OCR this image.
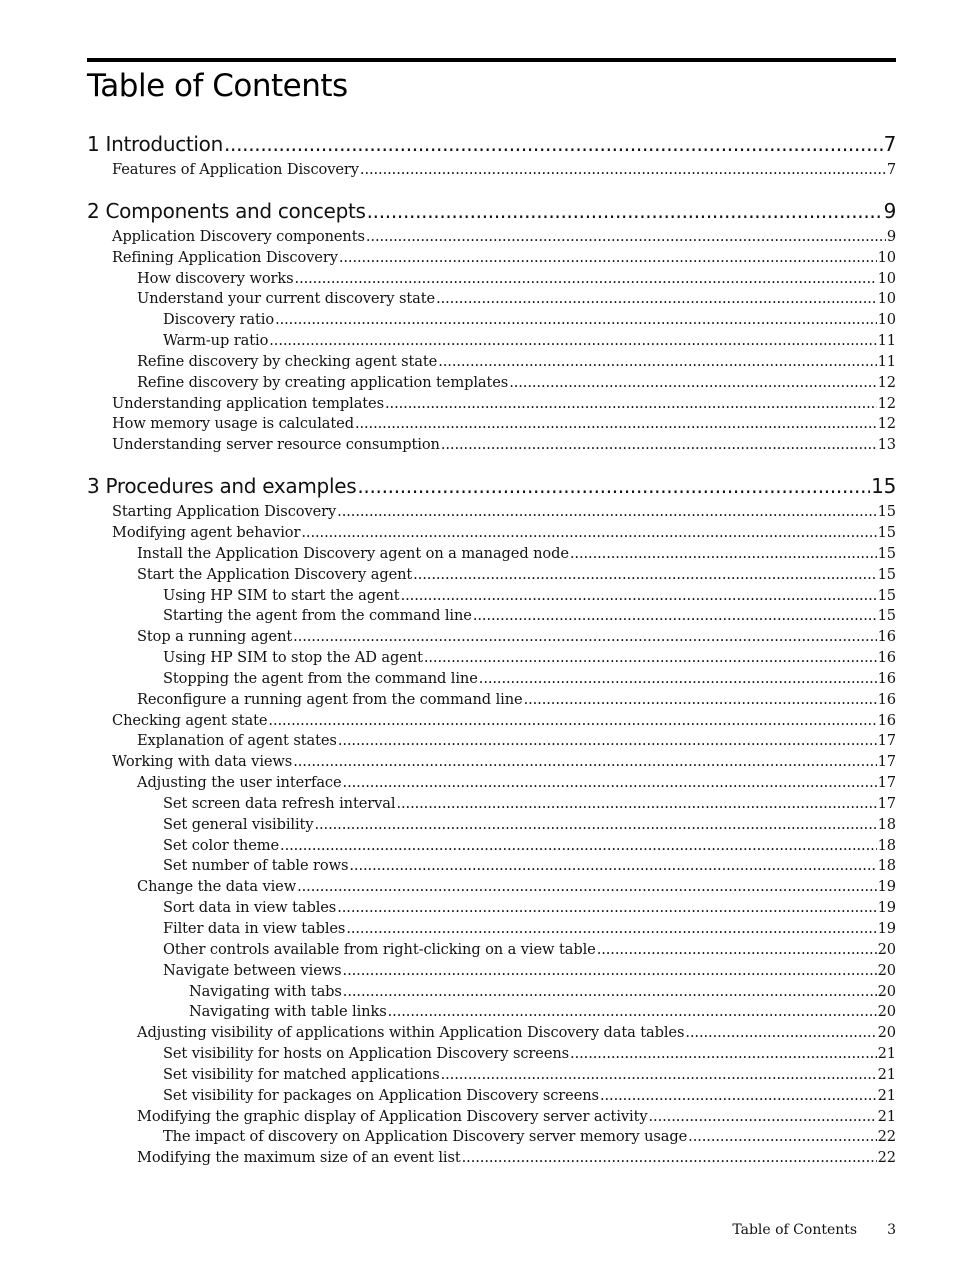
Table of Contents
1 Introduction .....	7
Features of Application Discovery .....	7
2 Components and concepts .....	9
Application Discovery components .....	9
Refining Application Discovery .....	10
How discovery works .....	10
Understand your current discovery state .....	10
Discovery ratio .....	10
Warm-up ratio .....	11
Refine discovery by checking agent state .....	11
Refine discovery by creating application templates .....	12
Understanding application templates .....	12
How memory usage is calculated .....	12
Understanding server resource consumption .....	13
3 Procedures and examples .....	15
Starting Application Discovery .....	15
Modifying agent behavior .....	15
Install the Application Discovery agent on a managed node .....	15
Start the Application Discovery agent .....	15
Using HP SIM to start the agent .....	15
Starting the agent from the command line .....	15
Stop a running agent .....	16
Using HP SIM to stop the AD agent .....	16
Stopping the agent from the command line .....	16
Reconfigure a running agent from the command line .....	16
Checking agent state .....	16
Explanation of agent states .....	17
Working with data views .....	17
Adjusting the user interface .....	17
Set screen data refresh interval .....	17
Set general visibility .....	18
Set color theme .....	18
Set number of table rows .....	18
Change the data view .....	19
Sort data in view tables .....	19
Filter data in view tables .....	19
Other controls available from right-clicking on a view table .....	20
Navigate between views .....	20
Navigating with tabs .....	20
Navigating with table links .....	20
Adjusting visibility of applications within Application Discovery data tables .....	20
Set visibility for hosts on Application Discovery screens .....	21
Set visibility for matched applications .....	21
Set visibility for packages on Application Discovery screens .....	21
Modifying the graphic display of Application Discovery server activity .....	21
The impact of discovery on Application Discovery server memory usage .....	22
Modifying the maximum size of an event list .....	22
Table of Contents 3
